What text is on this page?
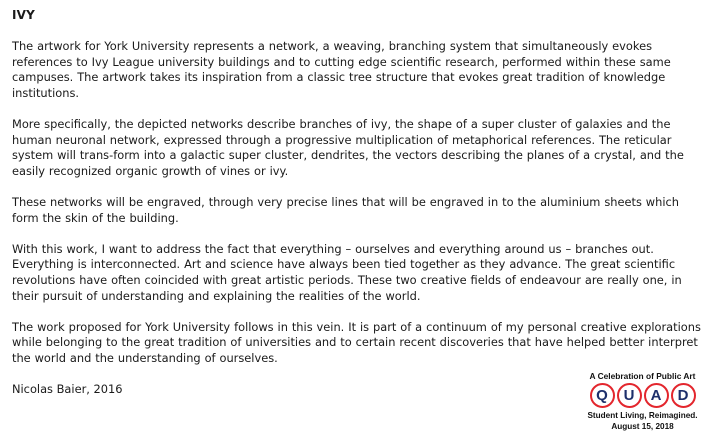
IVY

The artwork for York University represents a network, a weaving, branching system that simultaneously evokes references to Ivy League university buildings and to cutting edge scientific research, performed within these same campuses. The artwork takes its inspiration from a classic tree structure that evokes great tradition of knowledge institutions.

More specifically, the depicted networks describe branches of ivy, the shape of a super cluster of galaxies and the human neuronal network, expressed through a progressive multiplication of metaphorical references. The reticular system will trans-form into a galactic super cluster, dendrites, the vectors describing the planes of a crystal, and the easily recognized organic growth of vines or ivy.

These networks will be engraved, through very precise lines that will be engraved in to the aluminium sheets which form the skin of the building.

With this work, I want to address the fact that everything – ourselves and everything around us – branches out. Everything is interconnected. Art and science have always been tied together as they advance. The great scientific revolutions have often coincided with great artistic periods. These two creative fields of endeavour are really one, in their pursuit of understanding and explaining the realities of the world.

The work proposed for York University follows in this vein. It is part of a continuum of my personal creative explorations while belonging to the great tradition of universities and to certain recent discoveries that have helped better interpret the world and the understanding of ourselves.

Nicolas Baier, 2016

A Celebration of Public Art
Q	U	A	D
Student Living, Reimagined.
August 15, 2018
